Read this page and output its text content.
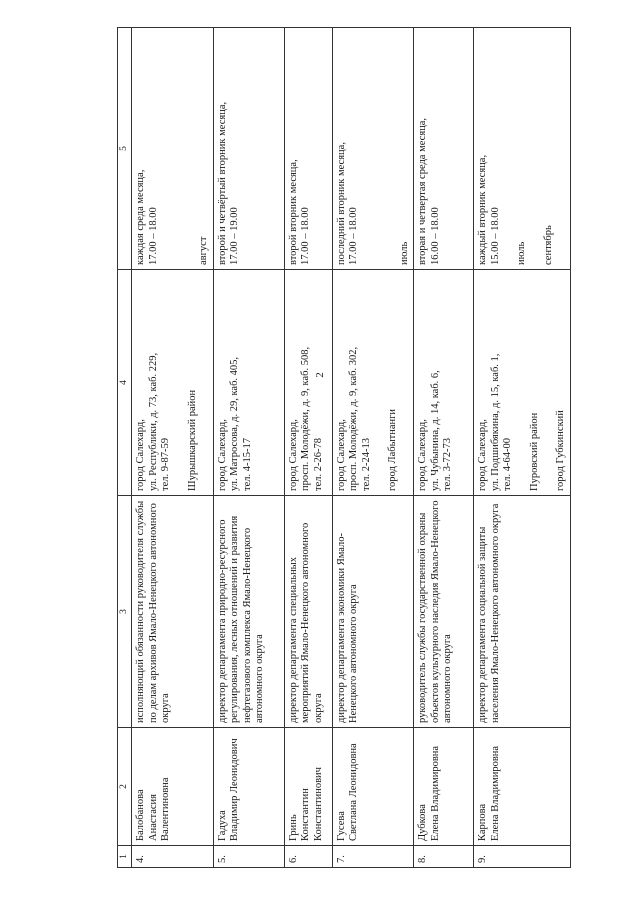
2
1	2	3	4	5
4.	Балобанова Анастасия Валентиновна	исполняющий обязанности руководителя службы по делам архивов Ямало-Ненецкого автономного округа	город Салехард, ул. Республики, д. 73, каб. 229, тел. 9-87-59 Шурышкарский район	каждая среда месяца, 17.00 – 18.00 август

5.	Гадуха Владимир Леонидович	директор департамента природно-ресурсного регулирования, лесных отношений и развития нефтегазового комплекса Ямало-Ненецкого автономного округа	город Салехард, ул. Матросова, д. 29, каб. 405, тел. 4-15-17	второй и четвёртый вторник месяца, 17.00 – 19.00

6.	Гринь Константин Константинович	директор департамента специальных мероприятий Ямало-Ненецкого автономного округа	город Салехард, просп. Молодёжи, д. 9, каб. 508, тел. 2-26-78	второй вторник месяца, 17.00 – 18.00

7.	Гусева Светлана Леонидовна	директор департамента экономики Ямало-Ненецкого автономного округа	город Салехард, просп. Молодёжи, д. 9, каб. 302, тел. 2-24-13 город Лабытнанги	последний вторник месяца, 17.00 – 18.00 июль

8.	Дубкова Елена Владимировна	руководитель службы государственной охраны объектов культурного наследия Ямало-Ненецкого автономного округа	город Салехард, ул. Чубынина, д. 14, каб. 6, тел. 3-72-73	вторая и четвертая среда месяца, 16.00 – 18.00

9.	Карпова Елена Владимировна	директор департамента социальной защиты населения Ямало-Ненецкого автономного округа	город Салехард, ул. Подшибякина, д. 15, каб. 1, тел. 4-64-00 Пуровский район город Губкинский	каждый вторник месяца, 15.00 – 18.00 июль сентябрь
